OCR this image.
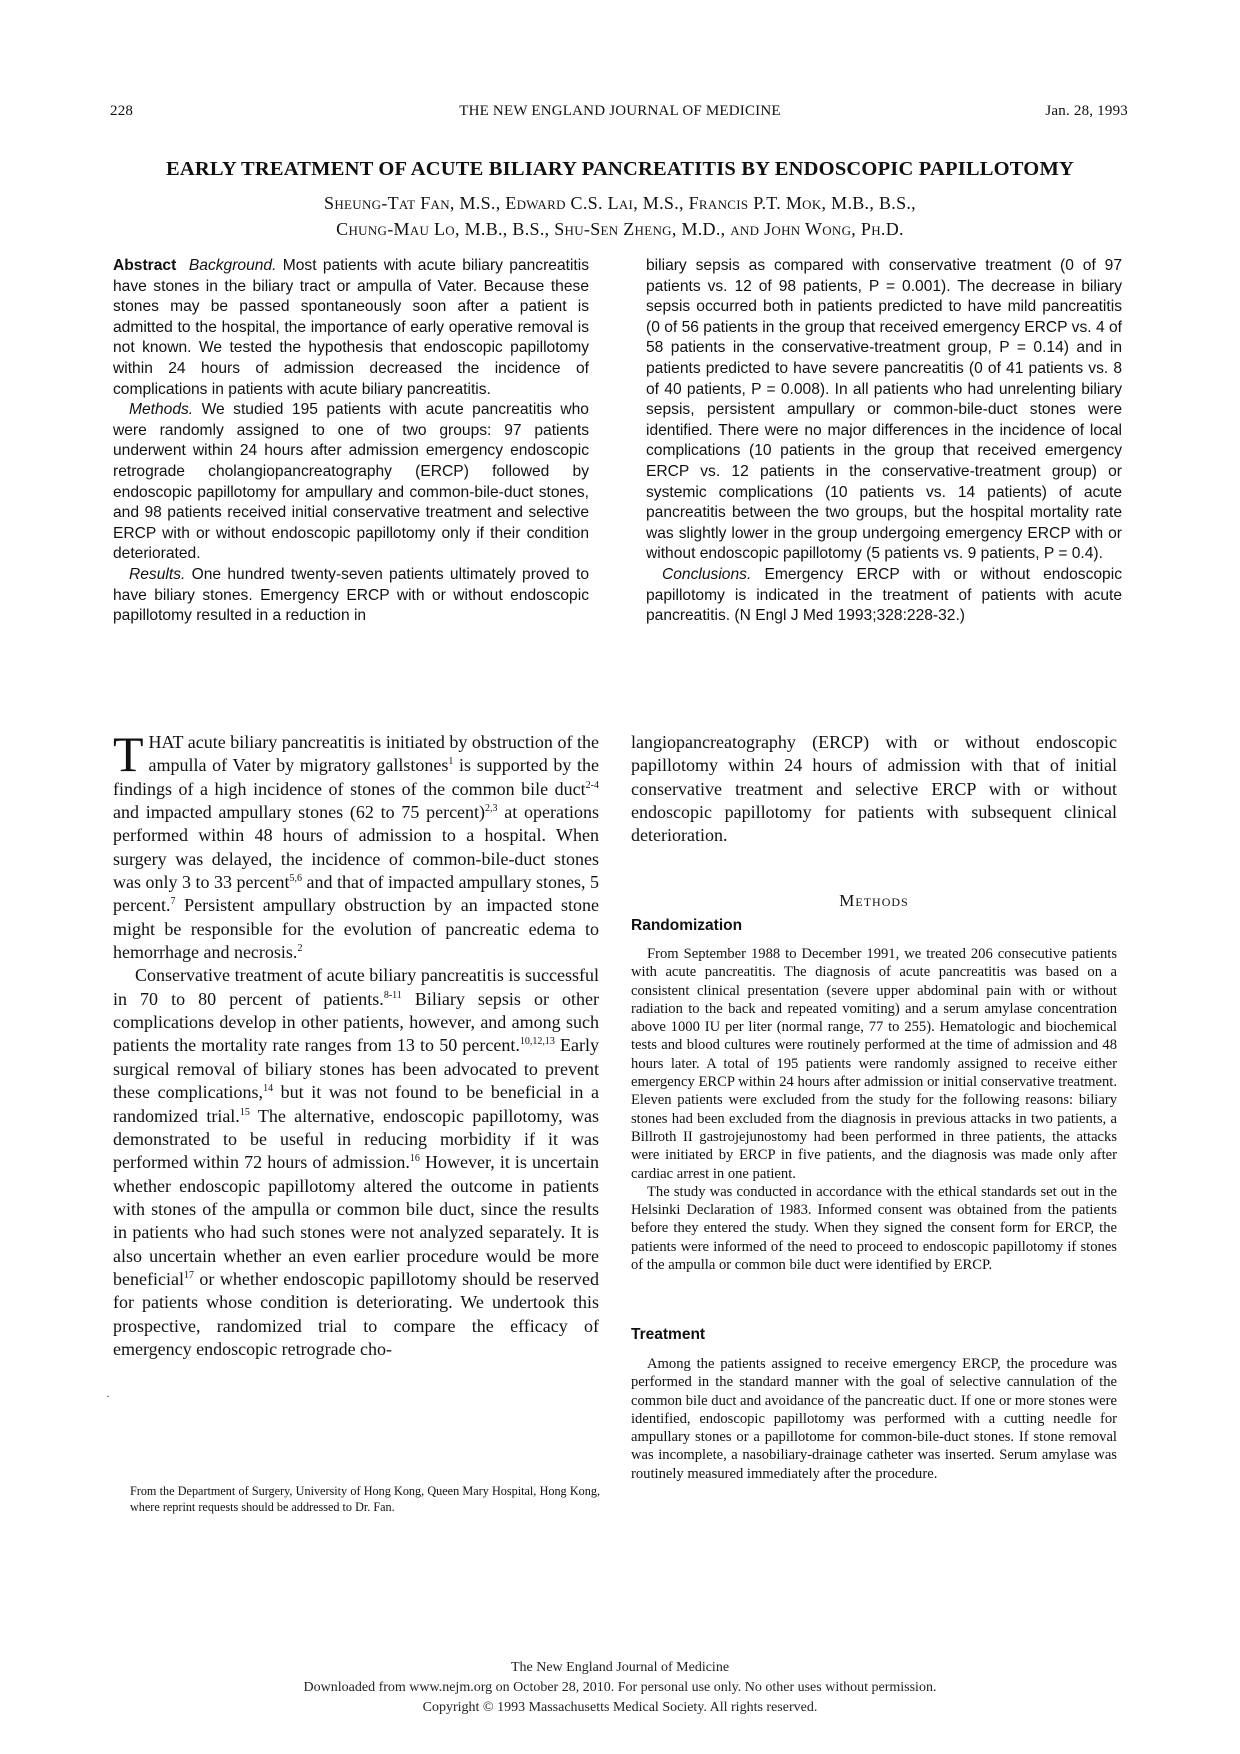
228	THE NEW ENGLAND JOURNAL OF MEDICINE	Jan. 28, 1993
EARLY TREATMENT OF ACUTE BILIARY PANCREATITIS BY ENDOSCOPIC PAPILLOTOMY
Sheung-Tat Fan, M.S., Edward C.S. Lai, M.S., Francis P.T. Mok, M.B., B.S.,
Chung-Mau Lo, M.B., B.S., Shu-Sen Zheng, M.D., and John Wong, Ph.D.

Abstract Background. Most patients with acute biliary pancreatitis have stones in the biliary tract or ampulla of Vater. Because these stones may be passed spontaneously soon after a patient is admitted to the hospital, the importance of early operative removal is not known. We tested the hypothesis that endoscopic papillotomy within 24 hours of admission decreased the incidence of complications in patients with acute biliary pancreatitis.

Methods. We studied 195 patients with acute pancreatitis who were randomly assigned to one of two groups: 97 patients underwent within 24 hours after admission emergency endoscopic retrograde cholangiopancreatography (ERCP) followed by endoscopic papillotomy for ampullary and common-bile-duct stones, and 98 patients received initial conservative treatment and selective ERCP with or without endoscopic papillotomy only if their condition deteriorated.

Results. One hundred twenty-seven patients ultimately proved to have biliary stones. Emergency ERCP with or without endoscopic papillotomy resulted in a reduction in

biliary sepsis as compared with conservative treatment (0 of 97 patients vs. 12 of 98 patients, P = 0.001). The decrease in biliary sepsis occurred both in patients predicted to have mild pancreatitis (0 of 56 patients in the group that received emergency ERCP vs. 4 of 58 patients in the conservative-treatment group, P = 0.14) and in patients predicted to have severe pancreatitis (0 of 41 patients vs. 8 of 40 patients, P = 0.008). In all patients who had unrelenting biliary sepsis, persistent ampullary or common-bile-duct stones were identified. There were no major differences in the incidence of local complications (10 patients in the group that received emergency ERCP vs. 12 patients in the conservative-treatment group) or systemic complications (10 patients vs. 14 patients) of acute pancreatitis between the two groups, but the hospital mortality rate was slightly lower in the group undergoing emergency ERCP with or without endoscopic papillotomy (5 patients vs. 9 patients, P = 0.4).

Conclusions. Emergency ERCP with or without endoscopic papillotomy is indicated in the treatment of patients with acute pancreatitis. (N Engl J Med 1993;328:228-32.)

THAT acute biliary pancreatitis is initiated by obstruction of the ampulla of Vater by migratory gallstones$^1$ is supported by the findings of a high incidence of stones of the common bile duct$^{2-4}$ and impacted ampullary stones (62 to 75 percent)$^{2,3}$ at operations performed within 48 hours of admission to a hospital. When surgery was delayed, the incidence of common-bile-duct stones was only 3 to 33 percent$^{5,6}$ and that of impacted ampullary stones, 5 percent.$^7$ Persistent ampullary obstruction by an impacted stone might be responsible for the evolution of pancreatic edema to hemorrhage and necrosis.$^2$

Conservative treatment of acute biliary pancreatitis is successful in 70 to 80 percent of patients.$^{8-11}$ Biliary sepsis or other complications develop in other patients, however, and among such patients the mortality rate ranges from 13 to 50 percent.$^{10,12,13}$ Early surgical removal of biliary stones has been advocated to prevent these complications,$^{14}$ but it was not found to be beneficial in a randomized trial.$^{15}$ The alternative, endoscopic papillotomy, was demonstrated to be useful in reducing morbidity if it was performed within 72 hours of admission.$^{16}$ However, it is uncertain whether endoscopic papillotomy altered the outcome in patients with stones of the ampulla or common bile duct, since the results in patients who had such stones were not analyzed separately. It is also uncertain whether an even earlier procedure would be more beneficial$^{17}$ or whether endoscopic papillotomy should be reserved for patients whose condition is deteriorating. We undertook this prospective, randomized trial to compare the efficacy of emergency endoscopic retrograde cho-

·
From the Department of Surgery, University of Hong Kong, Queen Mary Hospital, Hong Kong, where reprint requests should be addressed to Dr. Fan.

langiopancreatography (ERCP) with or without endoscopic papillotomy within 24 hours of admission with that of initial conservative treatment and selective ERCP with or without endoscopic papillotomy for patients with subsequent clinical deterioration.

Methods
Randomization

From September 1988 to December 1991, we treated 206 consecutive patients with acute pancreatitis. The diagnosis of acute pancreatitis was based on a consistent clinical presentation (severe upper abdominal pain with or without radiation to the back and repeated vomiting) and a serum amylase concentration above 1000 IU per liter (normal range, 77 to 255). Hematologic and biochemical tests and blood cultures were routinely performed at the time of admission and 48 hours later. A total of 195 patients were randomly assigned to receive either emergency ERCP within 24 hours after admission or initial conservative treatment. Eleven patients were excluded from the study for the following reasons: biliary stones had been excluded from the diagnosis in previous attacks in two patients, a Billroth II gastrojejunostomy had been performed in three patients, the attacks were initiated by ERCP in five patients, and the diagnosis was made only after cardiac arrest in one patient.

The study was conducted in accordance with the ethical standards set out in the Helsinki Declaration of 1983. Informed consent was obtained from the patients before they entered the study. When they signed the consent form for ERCP, the patients were informed of the need to proceed to endoscopic papillotomy if stones of the ampulla or common bile duct were identified by ERCP.

Treatment

Among the patients assigned to receive emergency ERCP, the procedure was performed in the standard manner with the goal of selective cannulation of the common bile duct and avoidance of the pancreatic duct. If one or more stones were identified, endoscopic papillotomy was performed with a cutting needle for ampullary stones or a papillotome for common-bile-duct stones. If stone removal was incomplete, a nasobiliary-drainage catheter was inserted. Serum amylase was routinely measured immediately after the procedure.

The New England Journal of Medicine
Downloaded from www.nejm.org on October 28, 2010. For personal use only. No other uses without permission.
Copyright © 1993 Massachusetts Medical Society. All rights reserved.
